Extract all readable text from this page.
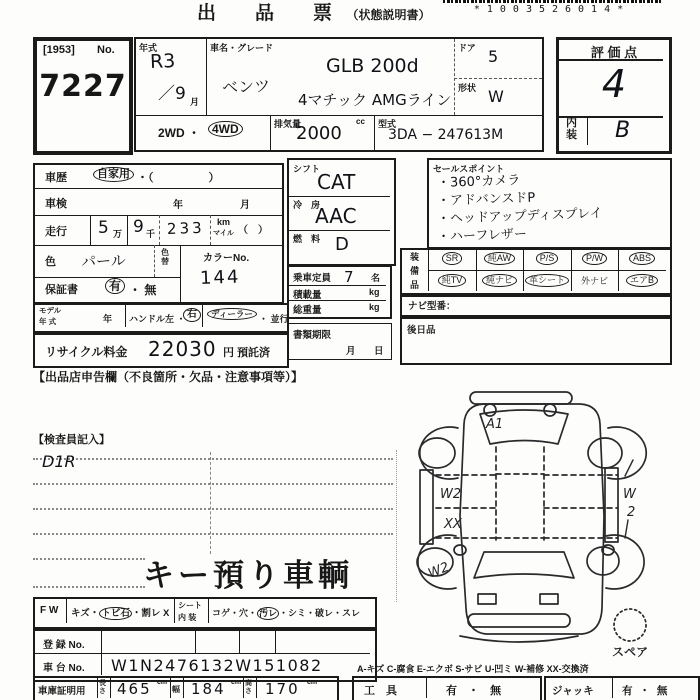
出　品　票 （状態説明書）	*1003526014*
[1953] No.
7227
年式
R3
／9 月
車名・グレード
ベンツ
GLB 200d
4マチック AMGライン
ドア 5
形状 W
2WD ・ 4WD	排気量
2000
cc 型式
3DA − 247613M
評 価 点
4
内装 B
車歴	自家用 ・（　　　　　）
車検	年	月
走行 5 万 9 千 233 km
マイル （　）
色 パール	色替	カラーNo.
144
保証書	有 ・ 無
モデル
年 式	年 ハンドル 左 ・ 右	ディーラー ・ 並行
リサイクル料金 22030 円 預託済
【出品店申告欄（不良箇所・欠品・注意事項等）】
シフト
CAT
冷　房
AAC
燃　料 D
乗車定員 7 名
積載量	kg
総重量	kg
書類期限
月 日
セールスポイント
・360°カメラ
・アドバンスドP
・ヘッドアップディスプレイ
・ハーフレザー
装
備
品
SR	純AW	P/S	P/W	ABS
純TV	純ナビ	革シート	外ナビ	エアB
ナビ型番：
後日品
【検査員記入】
D1R
キー預り車輌
A1
W2
XX
W2
W
2
スペア
F W キズ・ トビ石 ・割レ X
シート
内 装 コゲ・穴・ 汚レ ・シミ・破レ・スレ
登 録 No.
車 台 No. W1N2476132W151082	A-キズ C-腐食 E-エクボ S-サビ U-凹ミ W-補修 XX-交換済
車庫証明用
長さ 465 cm
幅 184 cm 高さ 170 cm
工　具	有 ・ 無	ジャッキ	有 ・ 無
